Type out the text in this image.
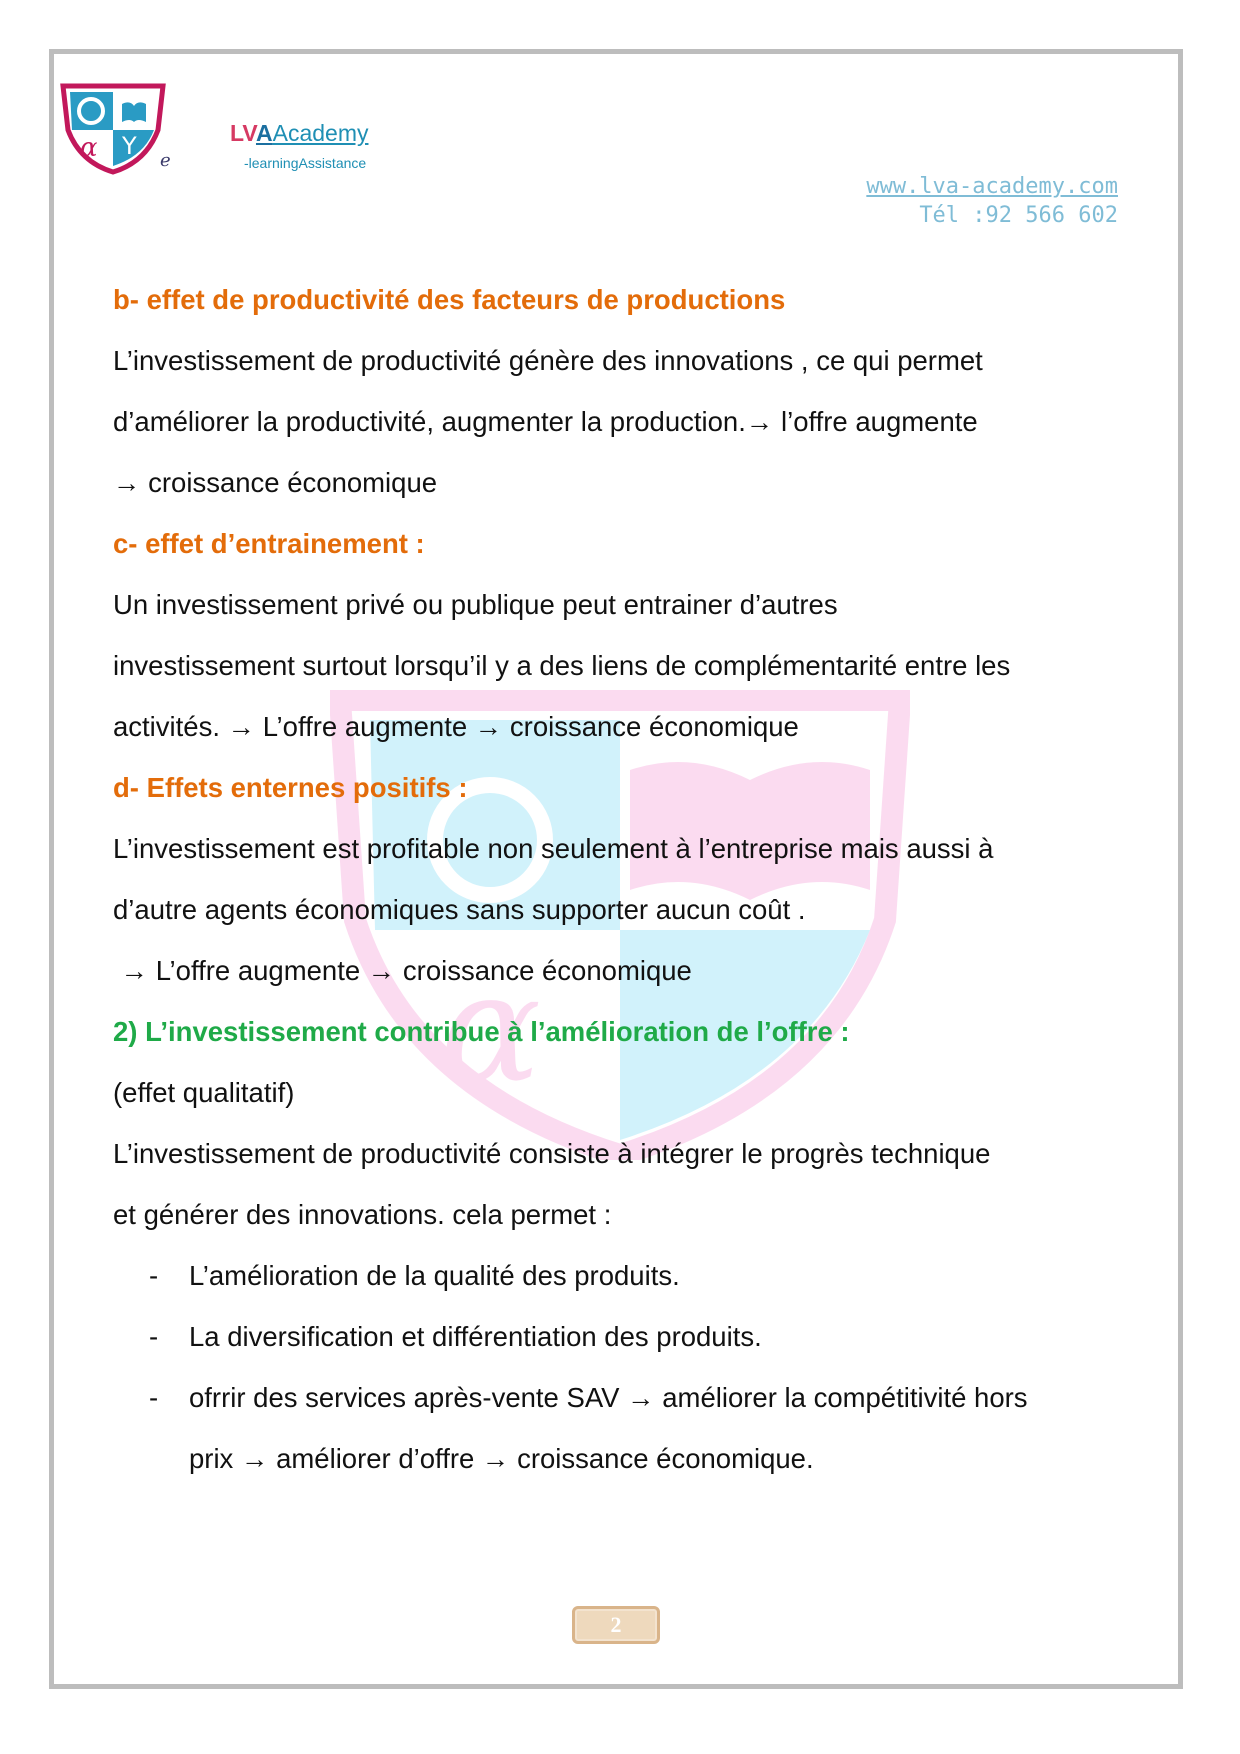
α Y
e
LVAAcademy
-learningAssistance
www.lva-academy.com
Tél :92 566 602
α
b- effet de productivité des facteurs de productions
L’investissement de productivité génère des innovations , ce qui permet
d’améliorer la productivité, augmenter la production.→ l’offre augmente
→ croissance économique
c- effet d’entrainement :
Un investissement privé ou publique peut entrainer d’autres
investissement surtout lorsqu’il y a des liens de complémentarité entre les
activités. → L’offre augmente → croissance économique
d- Effets enternes positifs :
L’investissement est profitable non seulement à l’entreprise mais aussi à
d’autre agents économiques sans supporter aucun coût .
→ L’offre augmente → croissance économique
2) L’investissement contribue à l’amélioration de l’offre :
(effet qualitatif)
L’investissement de productivité consiste à intégrer le progrès technique
et générer des innovations. cela permet :
- L’amélioration de la qualité des produits.
- La diversification et différentiation des produits.
- ofrrir des services après-vente SAV → améliorer la compétitivité hors
prix → améliorer d’offre → croissance économique.
2
